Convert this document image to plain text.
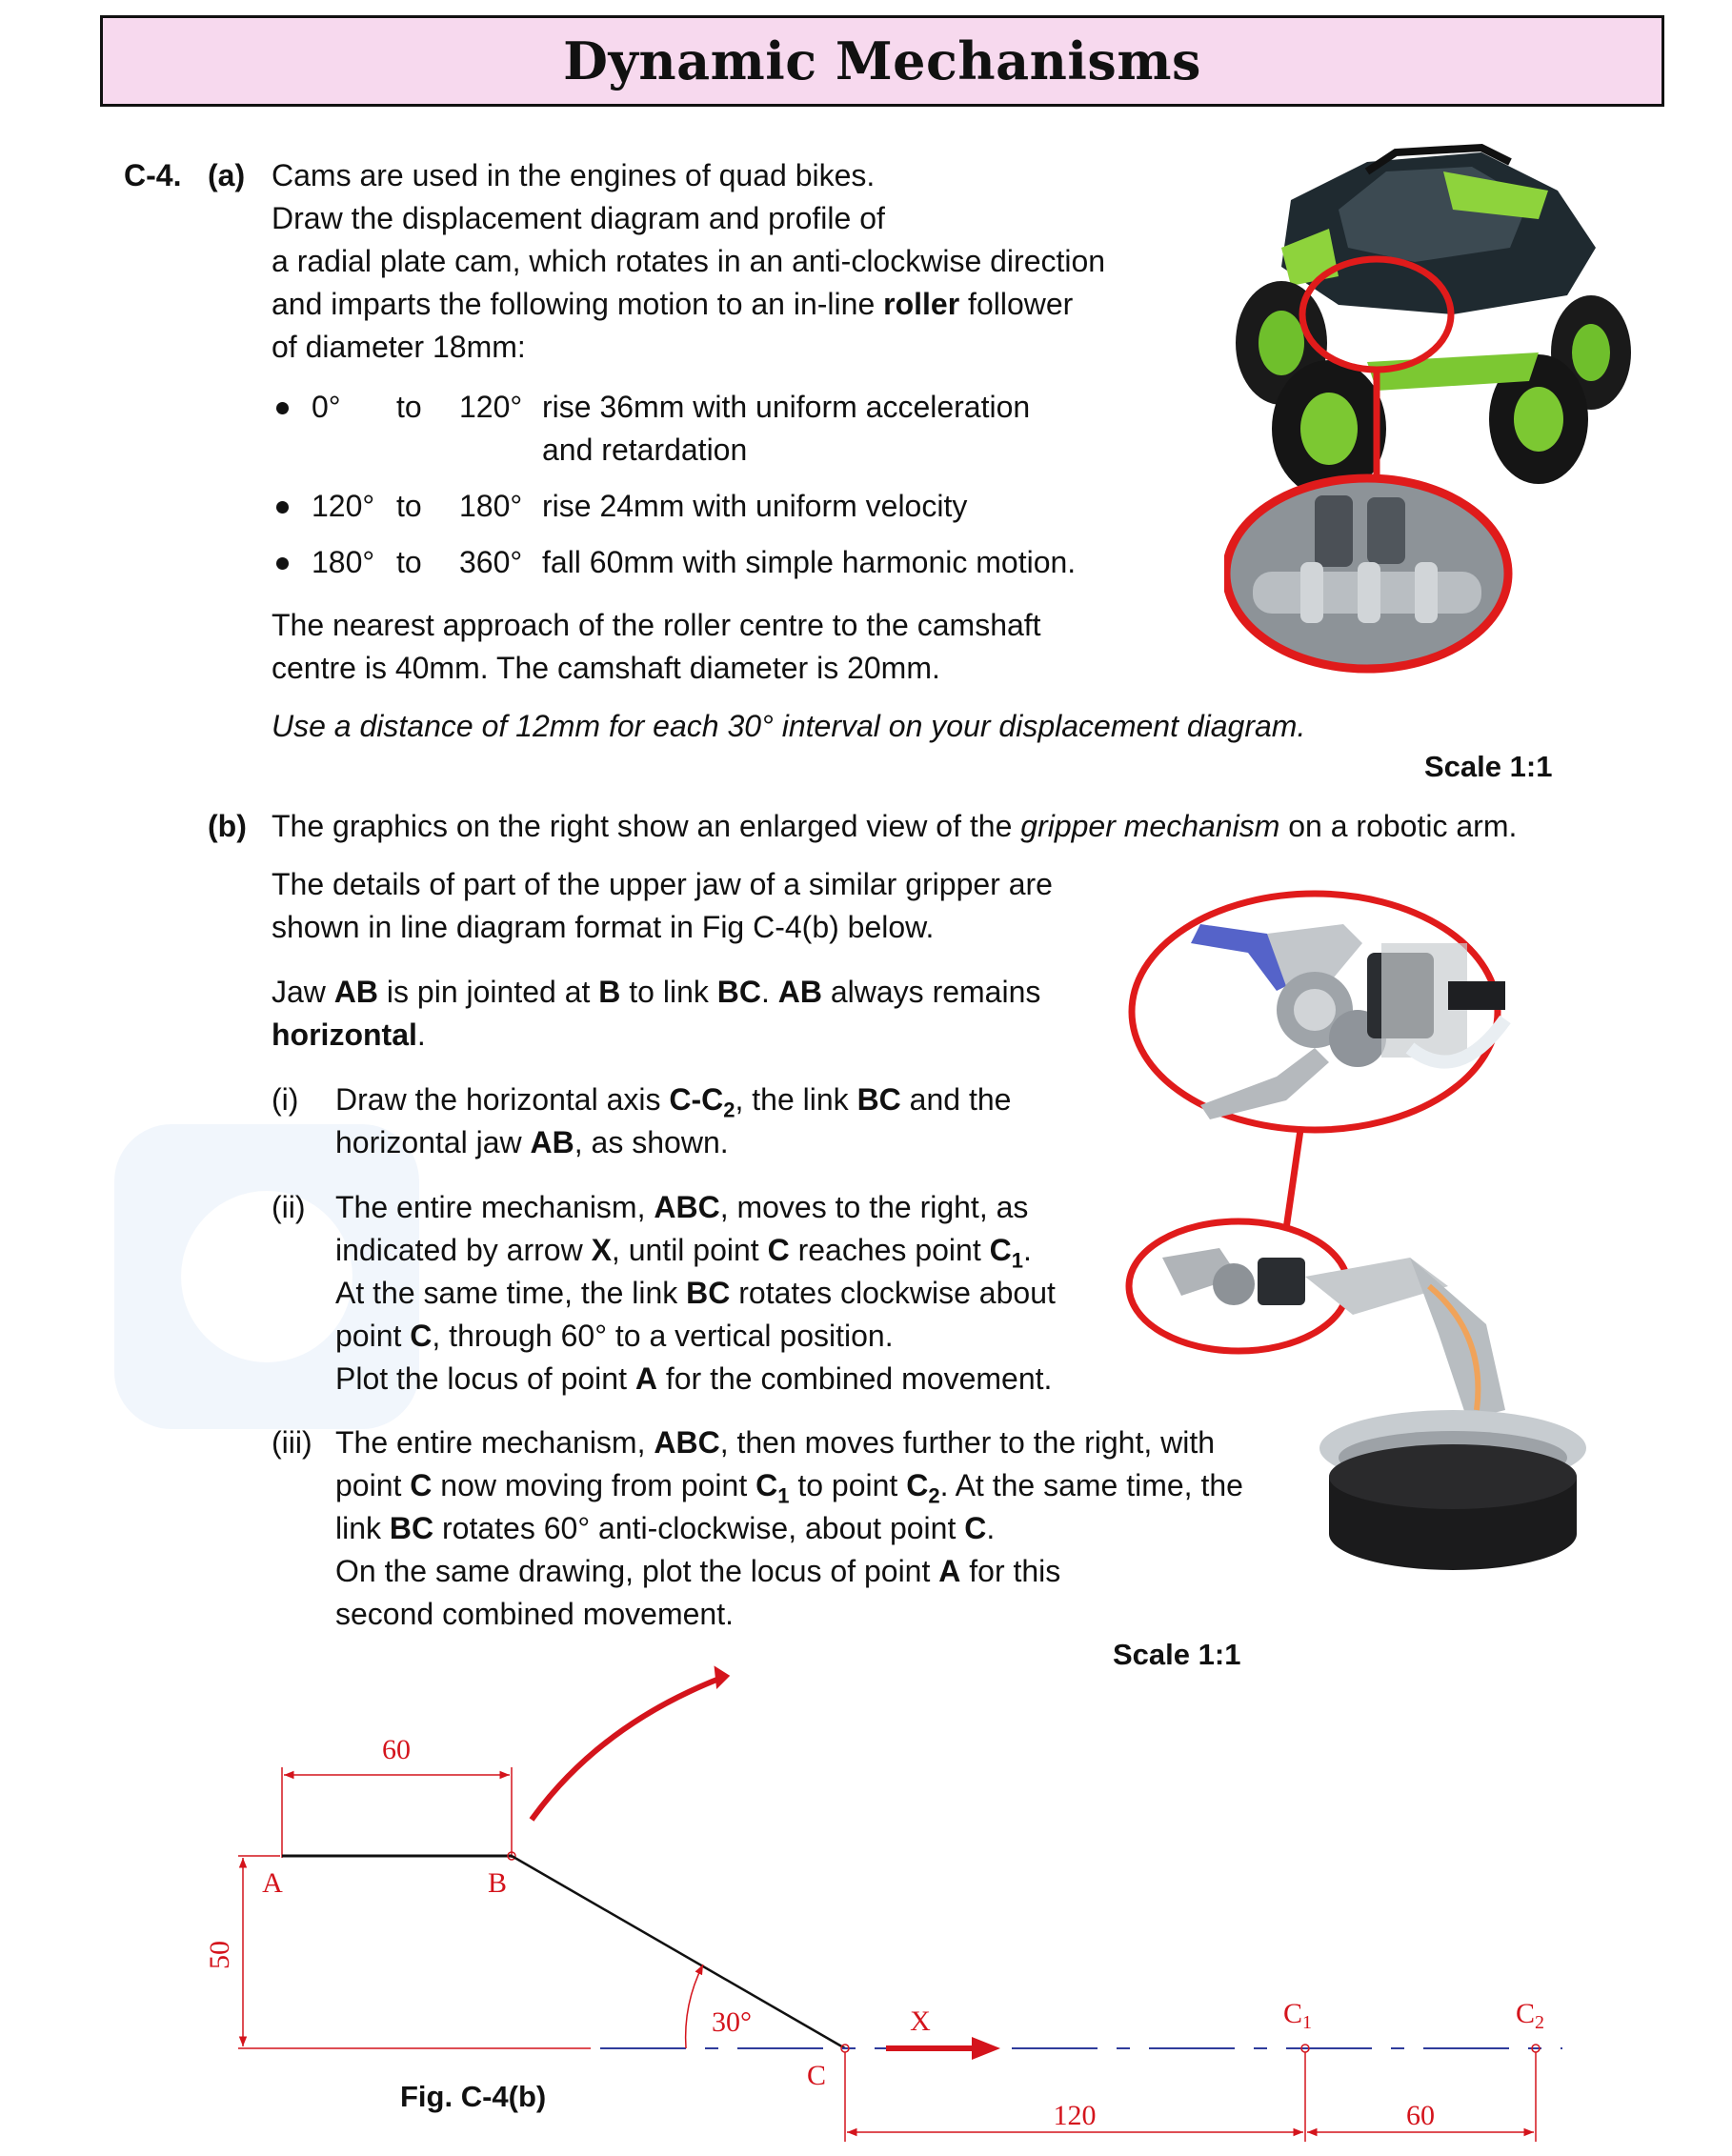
Dynamic Mechanisms
C-4. (a) Cams are used in the engines of quad bikes.
Draw the displacement diagram and profile of
a radial plate cam, which rotates in an anti-clockwise direction
and imparts the following motion to an in-line roller follower
of diameter 18mm:
0° to 120° rise 36mm with uniform acceleration
and retardation
120° to 180° rise 24mm with uniform velocity
180° to 360° fall 60mm with simple harmonic motion.
The nearest approach of the roller centre to the camshaft
centre is 40mm. The camshaft diameter is 20mm.
Use a distance of 12mm for each 30° interval on your displacement diagram.
Scale 1:1
(b) The graphics on the right show an enlarged view of the gripper mechanism on a robotic arm.
The details of part of the upper jaw of a similar gripper are
shown in line diagram format in Fig C-4(b) below.
Jaw AB is pin jointed at B to link BC. AB always remains
horizontal.
(i) Draw the horizontal axis $C-C_2$, the link BC and the
horizontal jaw AB, as shown.
(ii) The entire mechanism, ABC, moves to the right, as
indicated by arrow X, until point C reaches point $C_1$.
At the same time, the link BC rotates clockwise about
point C, through 60° to a vertical position.
Plot the locus of point A for the combined movement.
(iii) The entire mechanism, ABC, then moves further to the right, with
point C now moving from point $C_1$ to point $C_2$. At the same time, the
link BC rotates 60° anti-clockwise, about point C.
On the same drawing, plot the locus of point A for this
second combined movement.
Scale 1:1
60
A	B
50
30°
C
X	$C_1$	$C_2$
120	60
Fig. C-4(b)
